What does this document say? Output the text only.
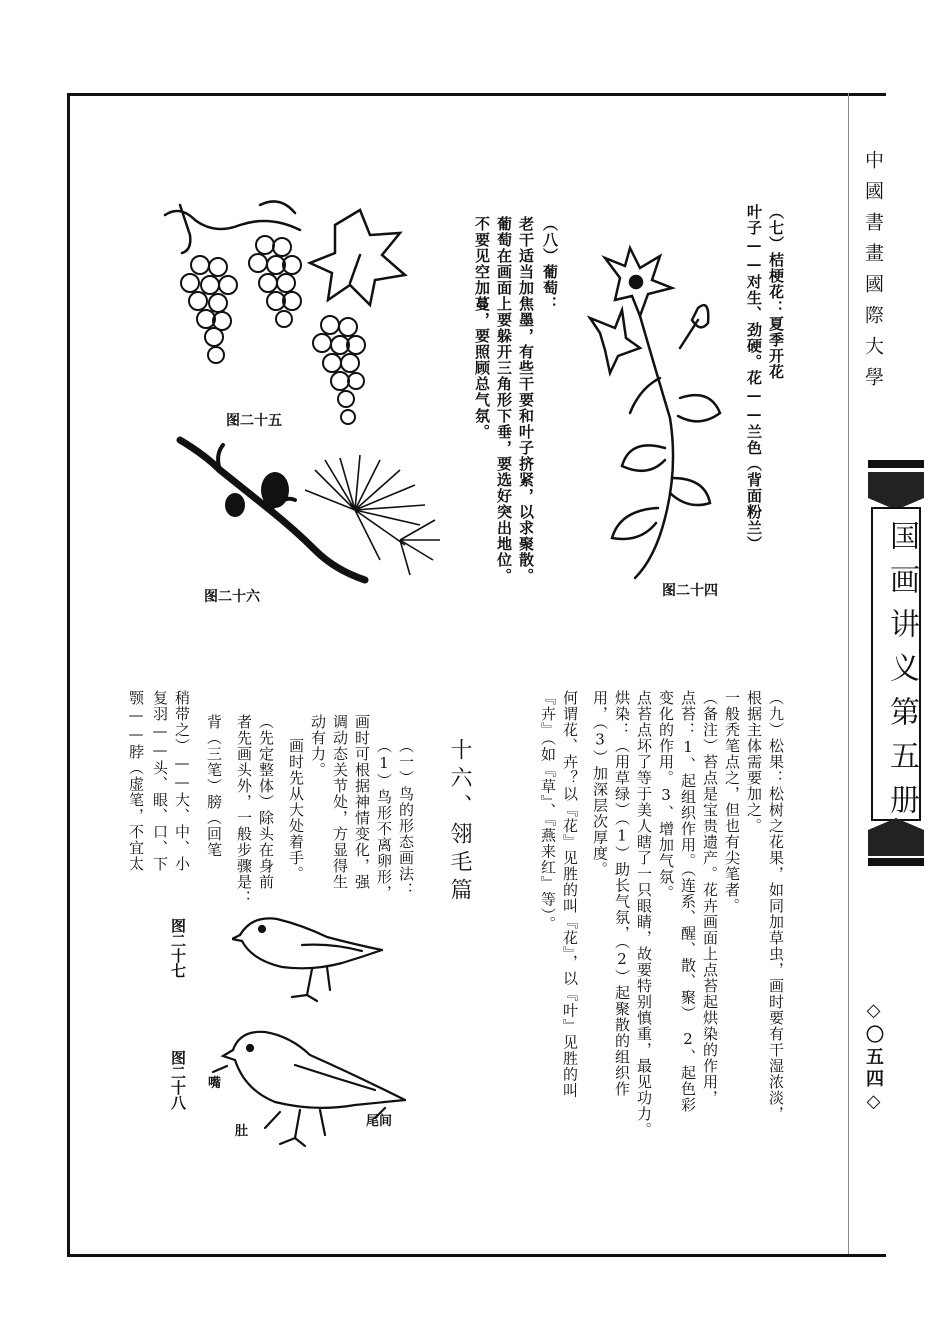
中國書畫國際大學
国画讲义第五册
◇〇五四◇
（七）桔梗花：夏季开花
叶子——对生、劲硬。花——兰色（背面粉兰）
（八）葡萄：
老干适当加焦墨，有些干要和叶子挤紧，以求聚散。
葡萄在画面上要躲开三角形下垂，要选好突出地位。
不要见空加蔓，要照顾总气氛。
图二十四
图二十五
图二十六
（九）松果：松树之花果，如同加草虫，画时要有干湿浓淡，
根据主体需要加之。
一般秃笔点之，但也有尖笔者。
（备注）苔点是宝贵遗产。花卉画面上点苔起烘染的作用，
点苔：1、起组织作用。（连系、醒、散、聚）　2、起色彩
变化的作用。3、增加气氛。
点苔点坏了等于美人瞎了一只眼睛，故要特别慎重，最见功力。
烘染：（用草绿）（1）助长气氛，（2）起聚散的组织作
用，（3）加深层次厚度。
何谓花、卉？以『花』见胜的叫『花』，以『叶』见胜的叫
『卉』（如『草』、『燕来红』等）。
十六、翎毛篇
（一）鸟的形态画法：
（1）鸟形不离卵形，
画时可根据神情变化，强
调动态关节处，方显得生
动有力。
画时先从大处着手。
（先定整体）除头在身前
者先画头外，一般步骤是：
背（三笔）膀（回笔
稍带之）——大、中、小
复羽——头、眼、口、下
颚——脖（虚笔，不宜太
图二十七
嘴
肚
尾间
图二十八
